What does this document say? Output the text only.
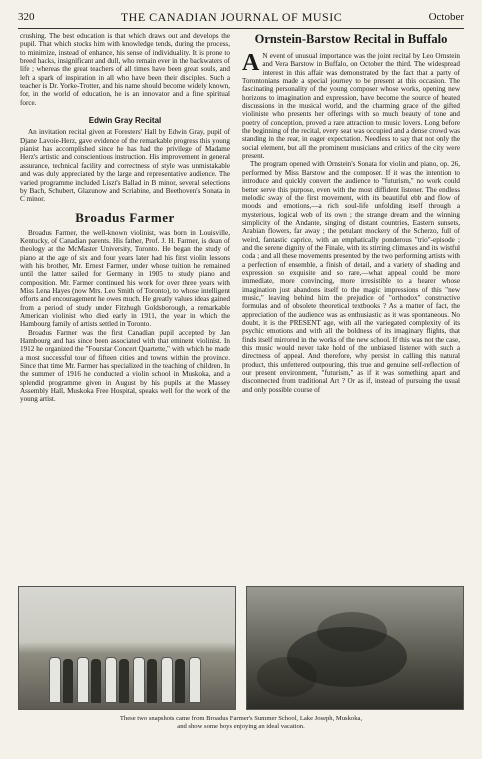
320	THE CANADIAN JOURNAL OF MUSIC	October

crushing. The best education is that which draws out and develops the pupil. That which stocks him with knowledge tends, during the process, to minimize, instead of enhance, his sense of individuality. It is prone to breed hacks, insignificant and dull, who remain ever in the backwaters of life ; whereas the great teachers of all times have been great souls, and left a spark of inspiration in all who have been their disciples. Such a teacher is Dr. Yorke-Trotter, and his name should become widely known, for, in the world of education, he is an innovator and a fine spiritual force.

Edwin Gray Recital

An invitation recital given at Foresters' Hall by Edwin Gray, pupil of Djane Lavoie-Herz, gave evidence of the remarkable progress this young pianist has accomplished since he has had the privilege of Madame Herz's artistic and conscientious instruction. His improvement in general assurance, technical facility and correctness of style was unmistakable and was duly appreciated by the large and representative audience. The varied programme included Liszt's Ballad in B minor, several selections by Bach, Schubert, Glazunow and Scriabine, and Beethoven's Sonata in C minor.

Broadus Farmer

Broadus Farmer, the well-known violinist, was born in Louisville, Kentucky, of Canadian parents. His father, Prof. J. H. Farmer, is dean of theology at the McMaster University, Toronto. He began the study of piano at the age of six and four years later had his first violin lessons with his brother, Mr. Ernest Farmer, under whose tuition he remained until the latter sailed for Germany in 1905 to study piano and composition. Mr. Farmer continued his work for over three years with Miss Lena Hayes (now Mrs. Leo Smith of Toronto), to whose intelligent efforts and encouragement he owes much. He greatly values ideas gained from a period of study under Fitzhugh Goldsborough, a remarkable American violinist who died early in 1911, the year in which the Hambourg family of artists settled in Toronto.

Broadus Farmer was the first Canadian pupil accepted by Jan Hambourg and has since been associated with that eminent violinist. In 1912 he organized the "Fourstar Concert Quartette," with which he made a most successful tour of fifteen cities and towns within the province. Since that time Mr. Farmer has specialized in the teaching of children. In the summer of 1916 he conducted a violin school in Muskoka, and a splendid programme given in August by his pupils at the Massey Assembly Hall, Muskoka Free Hospital, speaks well for the work of the young artist.

Ornstein-Barstow Recital in Buffalo

A N event of unusual importance was the joint recital by Leo Ornstein and Vera Barstow in Buffalo, on October the third. The widespread interest in this affair was demonstrated by the fact that a party of Torontonians made a special journey to be present at this occasion. The fascinating personality of the young composer whose works, opening new horizons to imagination and expression, have become the source of heated discussions in the musical world, and the charming grace of the gifted violiniste who presents her offerings with so much beauty of tone and poetry of conception, proved a rare attraction to music lovers. Long before the beginning of the recital, every seat was occupied and a dense crowd was standing in the rear, in eager expectation. Needless to say that not only the social element, but all the prominent musicians and critics of the city were present.

The program opened with Ornstein's Sonata for violin and piano, op. 26, performed by Miss Barstow and the composer. If it was the intention to introduce and quickly convert the audience to "futurism," no work could better serve this purpose, even with the most diffident listener. The endless melodic sway of the first movement, with its beautiful ebb and flow of moods and emotions,—a rich soul-life unfolding itself through a mysterious, logical web of its own ; the strange dream and the winning simplicity of the Andante, singing of distant countries, Eastern sunsets, Arabian flowers, far away ; the petulant mockery of the Scherzo, full of weird, fantastic caprice, with an emphatically ponderous "trio"-episode ; and the serene dignity of the Finale, with its stirring climaxes and its wistful coda ; and all these movements presented by the two performing artists with a perfection of ensemble, a finish of detail, and a variety of shading and expression so exquisite and so rare,—what appeal could be more immediate, more convincing, more irresistible to a hearer whose imagination just abandons itself to the magic impressions of this "new music," leaving behind him the prejudice of "orthodox" constructive formulas and of obsolete theoretical textbooks ? As a matter of fact, the appreciation of the audience was as enthusiastic as it was spontaneous. No doubt, it is the PRESENT age, with all the variegated complexity of its psychic emotions and with all the boldness of its imaginary flights, that finds itself mirrored in the works of the new school. If this was not the case, this music would never take hold of the unbiased listener with such a directness of appeal. And therefore, why persist in calling this natural product, this unfettered outpouring, this true and genuine self-reflection of our present environment, "futurism," as if it was something apart and disconnected from traditional Art ? Or as if, instead of pursuing the usual and only possible course of

These two snapshots came from Broadus Farmer's Summer School, Lake Joseph, Muskoka,
and show some boys enjoying an ideal vacation.
